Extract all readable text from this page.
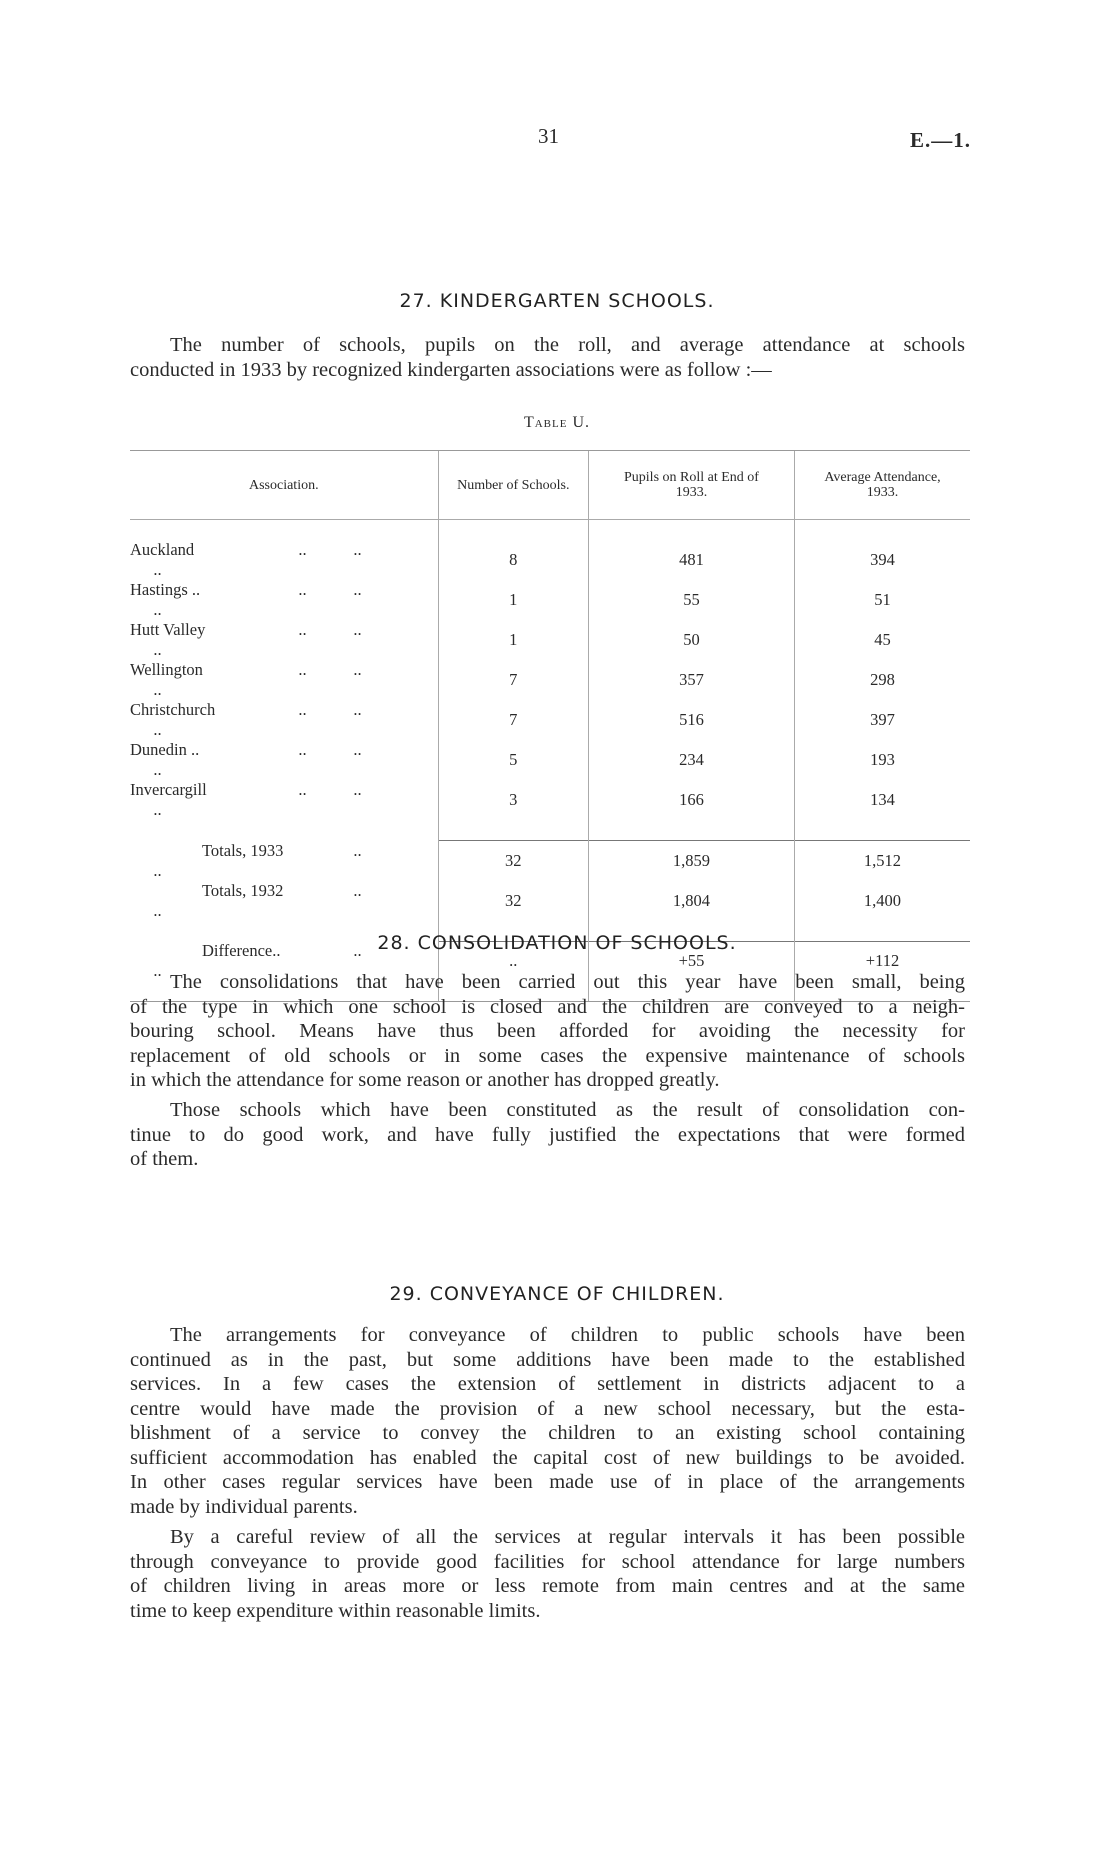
31	E.—1.
27. KINDERGARTEN SCHOOLS.
The number of schools, pupils on the roll, and average attendance at schools
conducted in 1933 by recognized kindergarten associations were as follow :—
Table U.
Association.	Number of Schools.	Pupils on Roll at End of 1933.	Average Attendance, 1933.

Auckland .. ....	8	481	394
Hastings .. .. ....	1	55	51
Hutt Valley .. ....	1	50	45
Wellington .. ....	7	357	298
Christchurch .. ....	7	516	397
Dunedin .. .. ....	5	234	193
Invercargill .. ....	3	166	134

Totals, 1933 ....	32	1,859	1,512
Totals, 1932 ....	32	1,804	1,400

Difference.. ....	..	+55	+112

28. CONSOLIDATION OF SCHOOLS.
The consolidations that have been carried out this year have been small, being
of the type in which one school is closed and the children are conveyed to a neigh-
bouring school. Means have thus been afforded for avoiding the necessity for
replacement of old schools or in some cases the expensive maintenance of schools
in which the attendance for some reason or another has dropped greatly.
Those schools which have been constituted as the result of consolidation con-
tinue to do good work, and have fully justified the expectations that were formed
of them.
29. CONVEYANCE OF CHILDREN.
The arrangements for conveyance of children to public schools have been
continued as in the past, but some additions have been made to the established
services. In a few cases the extension of settlement in districts adjacent to a
centre would have made the provision of a new school necessary, but the esta-
blishment of a service to convey the children to an existing school containing
sufficient accommodation has enabled the capital cost of new buildings to be avoided.
In other cases regular services have been made use of in place of the arrangements
made by individual parents.
By a careful review of all the services at regular intervals it has been possible
through conveyance to provide good facilities for school attendance for large numbers
of children living in areas more or less remote from main centres and at the same
time to keep expenditure within reasonable limits.
